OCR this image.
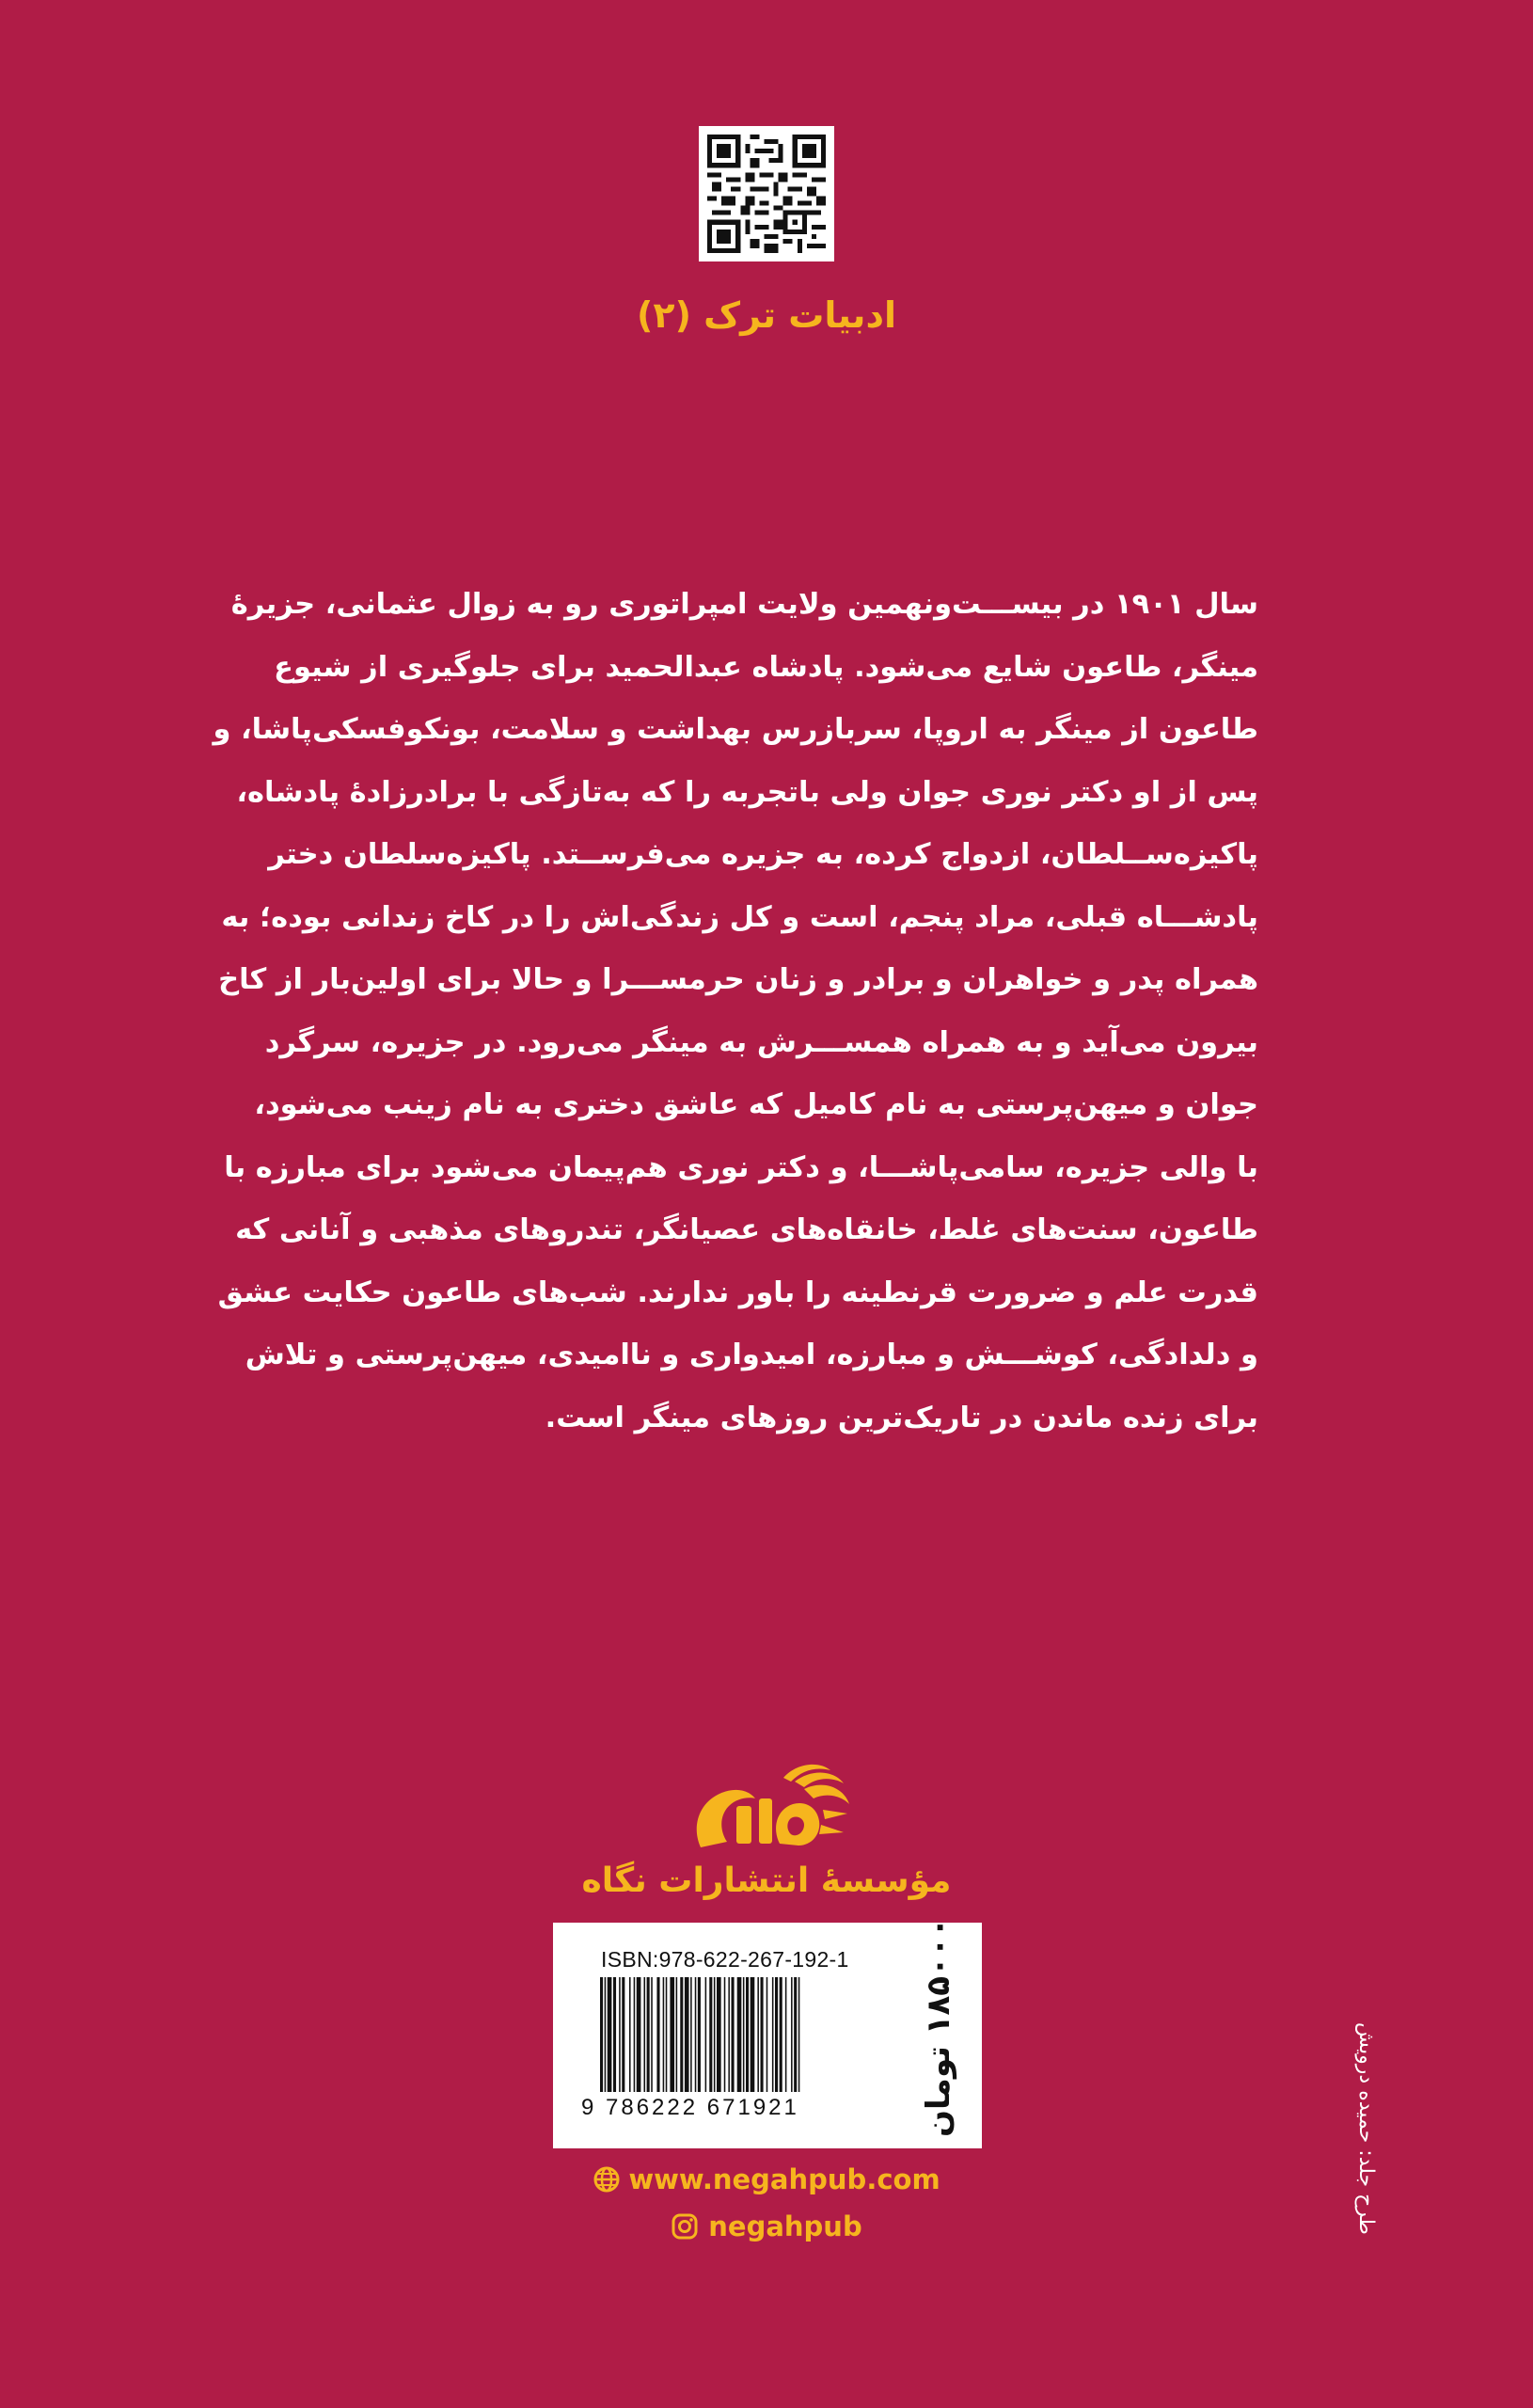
ادبیات ترک (۲)
سال ۱۹۰۱ در بیســـت‌ونهمین ولایت امپراتوری رو به زوال عثمانی، جزیرۀ
مینگر، طاعون شایع می‌شود. پادشاه عبدالحمید برای جلوگیری از شیوع
طاعون از مینگر به اروپا، سربازرس بهداشت و سلامت، بونکوفسکی‌پاشا، و
پس از او دکتر نوری جوان ولی باتجربه را که به‌تازگی با برادرزادۀ پادشاه،
پاکیزه‌ســلطان، ازدواج کرده، به جزیره می‌فرســتد. پاکیزه‌سلطان دختر
پادشـــاه قبلی، مراد پنجم، است و کل زندگی‌اش را در کاخ زندانی بوده؛ به
همراه پدر و خواهران و برادر و زنان حرمســـرا و حالا برای اولین‌بار از کاخ
بیرون می‌آید و به همراه همســـرش به مینگر می‌رود. در جزیره، سرگرد
جوان و میهن‌پرستی به نام کامیل که عاشق دختری به نام زینب می‌شود،
با والی جزیره، سامی‌پاشـــا، و دکتر نوری هم‌پیمان می‌شود برای مبارزه با
طاعون، سنت‌های غلط، خانقاه‌های عصیانگر، تندروهای مذهبی و آنانی که
قدرت علم و ضرورت قرنطینه را باور ندارند. شب‌های طاعون حکایت عشق
و دلدادگی، کوشـــش و مبارزه، امیدواری و ناامیدی، میهن‌پرستی و تلاش
برای زنده ماندن در تاریک‌ترین روزهای مینگر است.
مؤسسۀ انتشارات نگاه
ISBN:978-622-267-192-1
9 786222 671921	۱۸۵۰۰۰ تومان
www.negahpub.com
negahpub	طرح جلد: حمیده درویش
